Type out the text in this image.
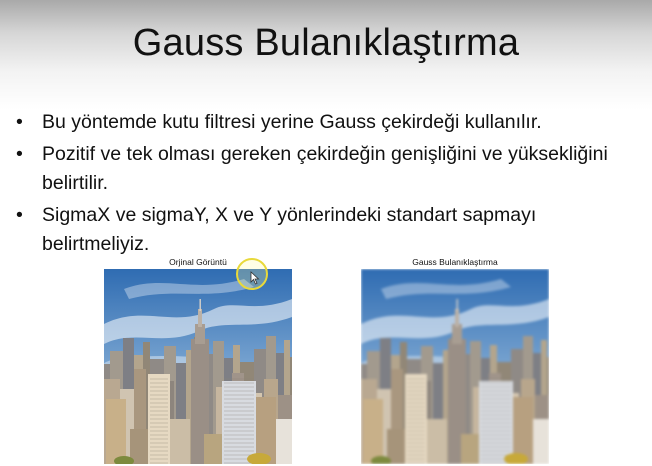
Gauss Bulanıklaştırma
• Bu yöntemde kutu filtresi yerine Gauss çekirdeği kullanılır.
• Pozitif ve tek olması gereken çekirdeğin genişliğini ve yüksekliğini belirtilir.
• SigmaX ve sigmaY, X ve Y yönlerindeki standart sapmayı belirtmeliyiz.
Orjinal Görüntü	Gauss Bulanıklaştırma
